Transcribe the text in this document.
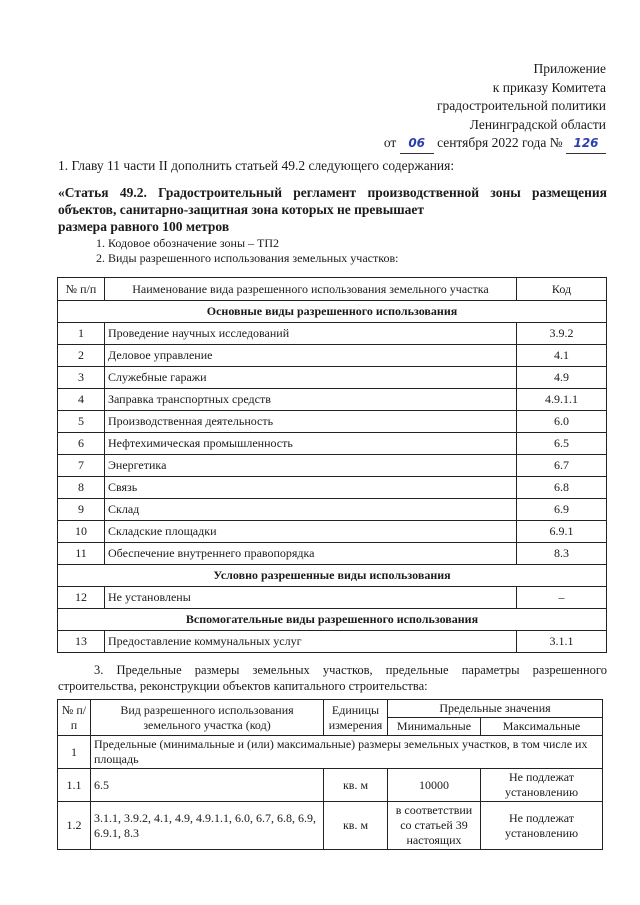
Приложение
к приказу Комитета
градостроительной политики
Ленинградской области
от 06 сентября 2022 года № 126
1. Главу 11 части II дополнить статьей 49.2 следующего содержания:
«Статья 49.2. Градостроительный регламент производственной зоны размещения объектов, санитарно-защитная зона которых не превышает
размера равного 100 метров
1. Кодовое обозначение зоны – ТП2
2. Виды разрешенного использования земельных участков:
№ п/п	Наименование вида разрешенного использования земельного участка	Код
Основные виды разрешенного использования		
1	Проведение научных исследований	3.9.2
2	Деловое управление	4.1
3	Служебные гаражи	4.9
4	Заправка транспортных средств	4.9.1.1
5	Производственная деятельность	6.0
6	Нефтехимическая промышленность	6.5
7	Энергетика	6.7
8	Связь	6.8
9	Склад	6.9
10	Складские площадки	6.9.1
11	Обеспечение внутреннего правопорядка	8.3
Условно разрешенные виды использования		
12	Не установлены	–
Вспомогательные виды разрешенного использования		
13	Предоставление коммунальных услуг	3.1.1
3. Предельные размеры земельных участков, предельные параметры разрешенного строительства, реконструкции объектов капитального строительства:
№ п/п	Вид разрешенного использования земельного участка (код)	Единицы измерения	Предельные значения	
			Минимальные	Максимальные
1	Предельные (минимальные и (или) максимальные) размеры земельных участков, в том числе их площадь			
1.1	6.5	кв. м	10000	Не подлежат установлению
1.2	3.1.1, 3.9.2, 4.1, 4.9, 4.9.1.1, 6.0, 6.7, 6.8, 6.9, 6.9.1, 8.3	кв. м	в соответствии со статьей 39 настоящих	Не подлежат установлению
